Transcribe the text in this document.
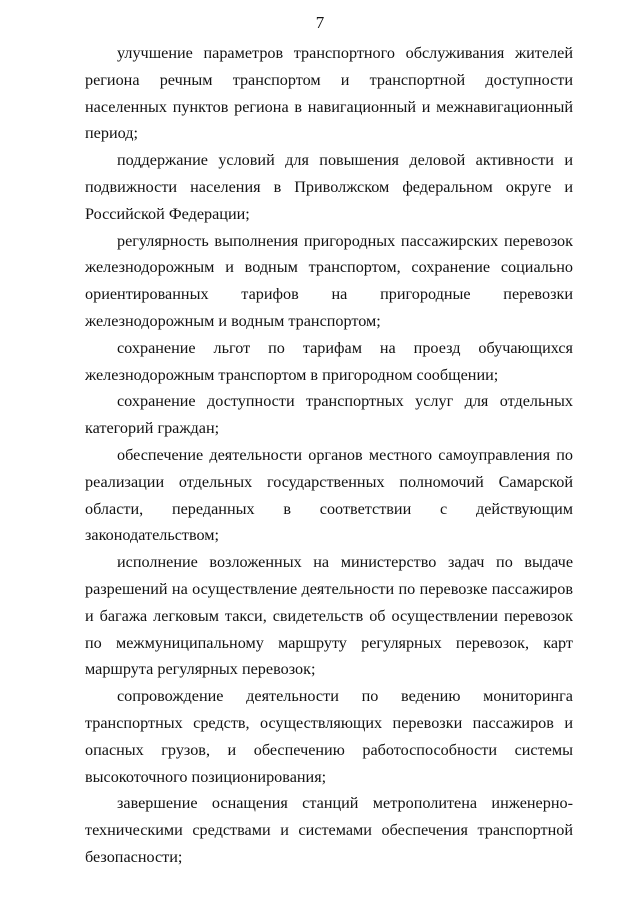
7

улучшение параметров транспортного обслуживания жителей региона речным транспортом и транспортной доступности населенных пунктов региона в навигационный и межнавигационный период;

поддержание условий для повышения деловой активности и подвижности населения в Приволжском федеральном округе и Российской Федерации;

регулярность выполнения пригородных пассажирских перевозок железнодорожным и водным транспортом, сохранение социально ориентированных тарифов на пригородные перевозки железнодорожным и водным транспортом;

сохранение льгот по тарифам на проезд обучающихся железнодорожным транспортом в пригородном сообщении;

сохранение доступности транспортных услуг для отдельных категорий граждан;

обеспечение деятельности органов местного самоуправления по реализации отдельных государственных полномочий Самарской области, переданных в соответствии с действующим законодательством;

исполнение возложенных на министерство задач по выдаче разрешений на осуществление деятельности по перевозке пассажиров и багажа легковым такси, свидетельств об осуществлении перевозок по межмуниципальному маршруту регулярных перевозок, карт маршрута регулярных перевозок;

сопровождение деятельности по ведению мониторинга транспортных средств, осуществляющих перевозки пассажиров и опасных грузов, и обеспечению работоспособности системы высокоточного позиционирования;

завершение оснащения станций метрополитена инженерно-техническими средствами и системами обеспечения транспортной безопасности;
